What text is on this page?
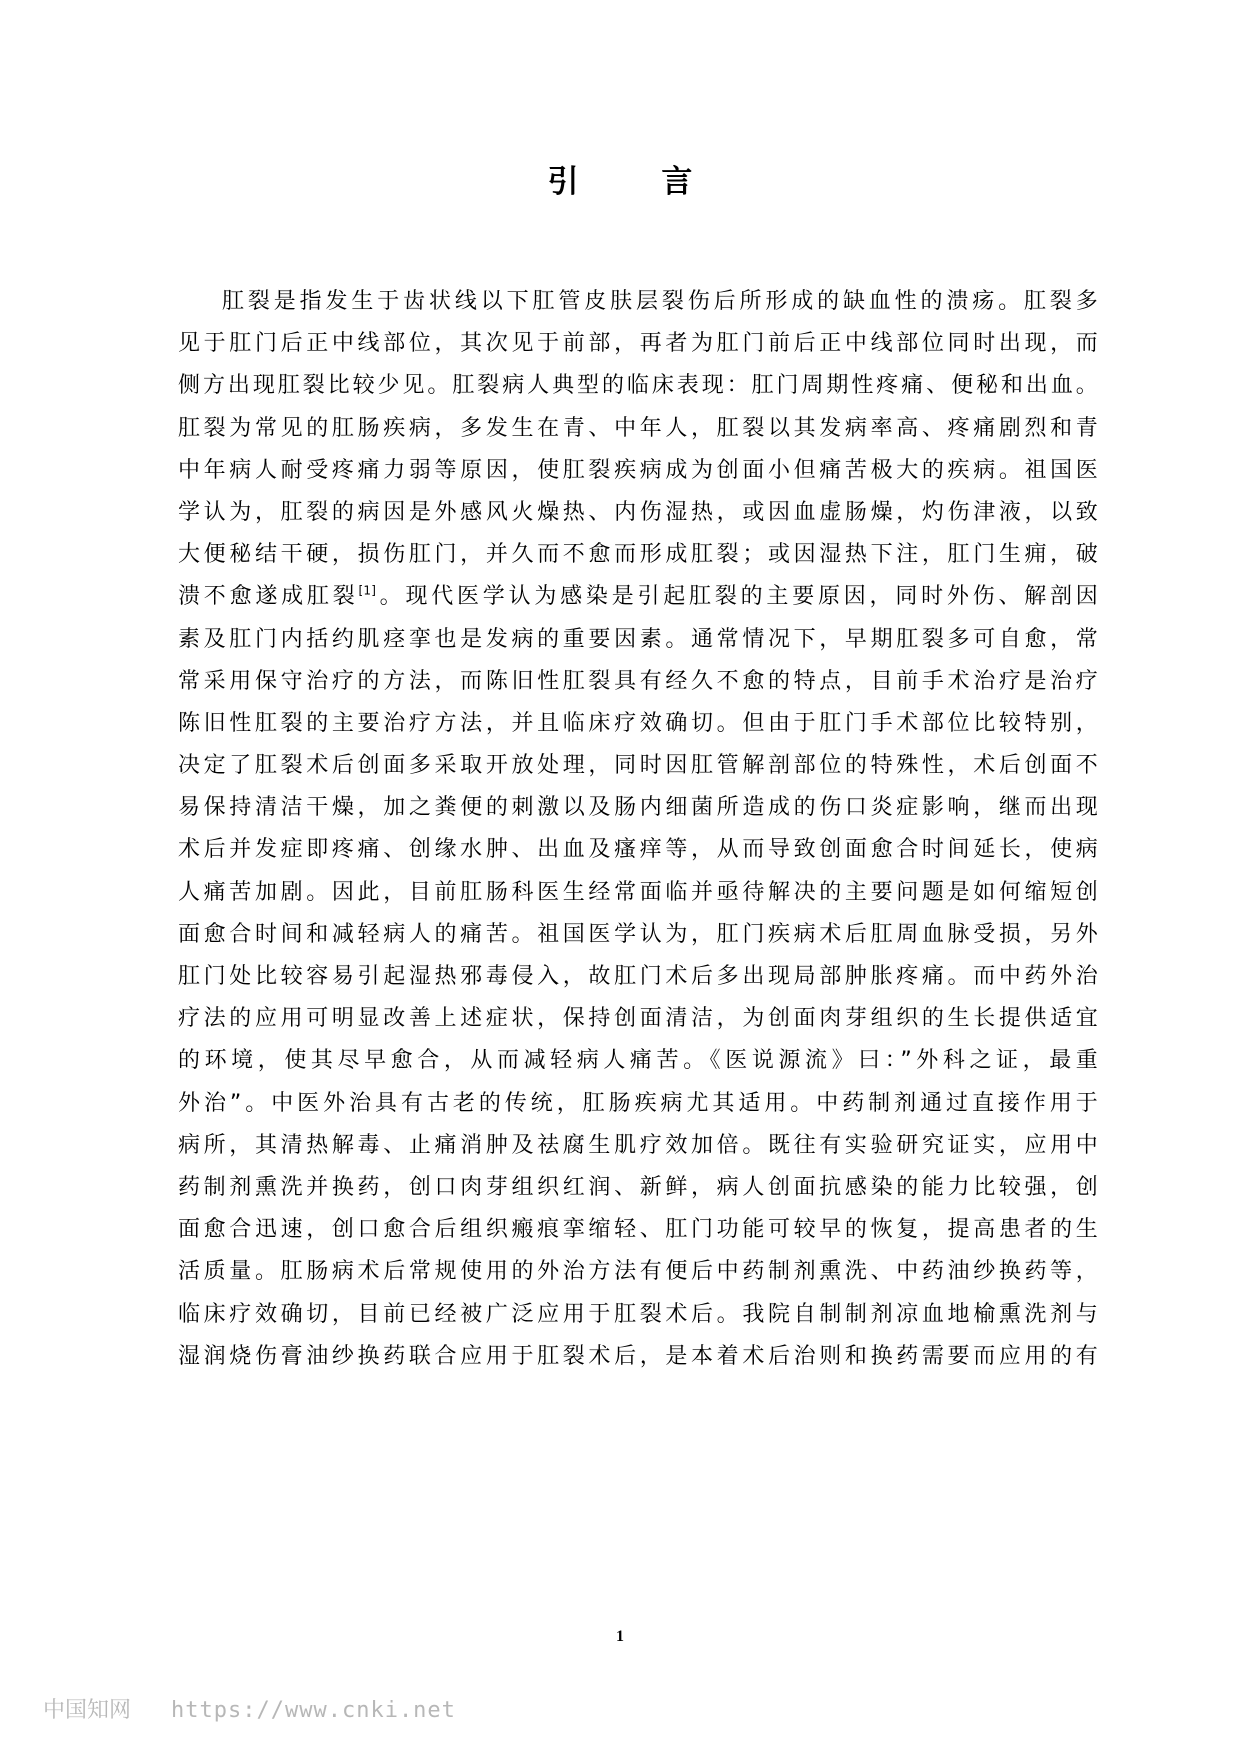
引 言
肛裂是指发生于齿状线以下肛管皮肤层裂伤后所形成的缺血性的溃疡。肛裂多
见于肛门后正中线部位，其次见于前部，再者为肛门前后正中线部位同时出现，而
侧方出现肛裂比较少见。肛裂病人典型的临床表现：肛门周期性疼痛、便秘和出血。
肛裂为常见的肛肠疾病，多发生在青、中年人，肛裂以其发病率高、疼痛剧烈和青
中年病人耐受疼痛力弱等原因，使肛裂疾病成为创面小但痛苦极大的疾病。祖国医
学认为，肛裂的病因是外感风火燥热、内伤湿热，或因血虚肠燥，灼伤津液，以致
大便秘结干硬，损伤肛门，并久而不愈而形成肛裂；或因湿热下注，肛门生痈，破
溃不愈遂成肛裂[1]。现代医学认为感染是引起肛裂的主要原因，同时外伤、解剖因
素及肛门内括约肌痉挛也是发病的重要因素。通常情况下，早期肛裂多可自愈，常
常采用保守治疗的方法，而陈旧性肛裂具有经久不愈的特点，目前手术治疗是治疗
陈旧性肛裂的主要治疗方法，并且临床疗效确切。但由于肛门手术部位比较特别，
决定了肛裂术后创面多采取开放处理，同时因肛管解剖部位的特殊性，术后创面不
易保持清洁干燥，加之粪便的刺激以及肠内细菌所造成的伤口炎症影响，继而出现
术后并发症即疼痛、创缘水肿、出血及瘙痒等，从而导致创面愈合时间延长，使病
人痛苦加剧。因此，目前肛肠科医生经常面临并亟待解决的主要问题是如何缩短创
面愈合时间和减轻病人的痛苦。祖国医学认为，肛门疾病术后肛周血脉受损，另外
肛门处比较容易引起湿热邪毒侵入，故肛门术后多出现局部肿胀疼痛。而中药外治
疗法的应用可明显改善上述症状，保持创面清洁，为创面肉芽组织的生长提供适宜
的环境，使其尽早愈合，从而减轻病人痛苦。《医说源流》曰：”外科之证，最重
外治”。中医外治具有古老的传统，肛肠疾病尤其适用。中药制剂通过直接作用于
病所，其清热解毒、止痛消肿及祛腐生肌疗效加倍。既往有实验研究证实，应用中
药制剂熏洗并换药，创口肉芽组织红润、新鲜，病人创面抗感染的能力比较强，创
面愈合迅速，创口愈合后组织瘢痕挛缩轻、肛门功能可较早的恢复，提高患者的生
活质量。肛肠病术后常规使用的外治方法有便后中药制剂熏洗、中药油纱换药等，
临床疗效确切，目前已经被广泛应用于肛裂术后。我院自制制剂凉血地榆熏洗剂与
湿润烧伤膏油纱换药联合应用于肛裂术后，是本着术后治则和换药需要而应用的有
1
中国知网 https://www.cnki.net
